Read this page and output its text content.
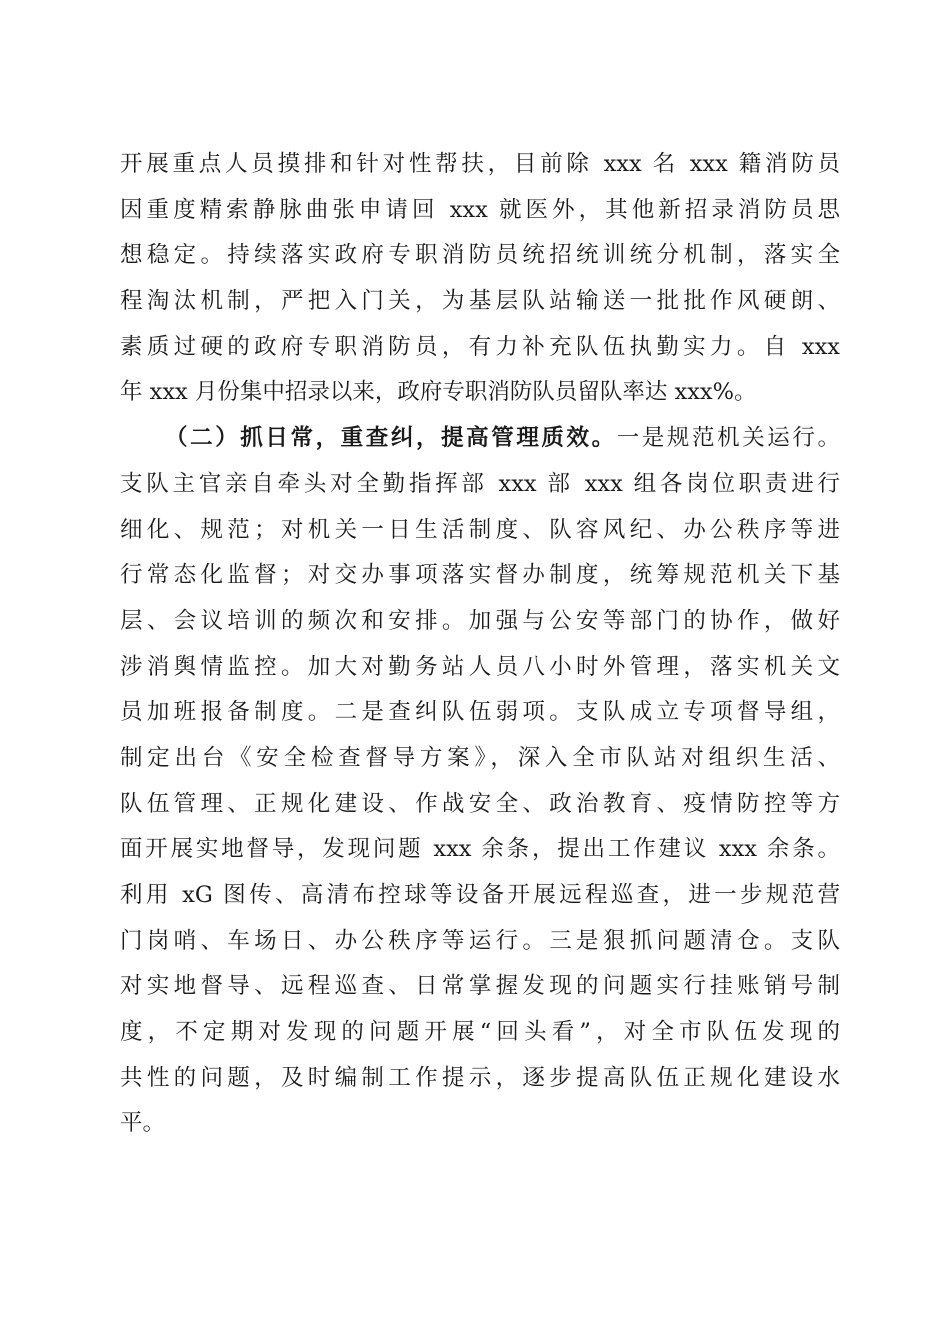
开展重点人员摸排和针对性帮扶，目前除 xxx 名 xxx 籍消防员
因重度精索静脉曲张申请回 xxx 就医外，其他新招录消防员思
想稳定。持续落实政府专职消防员统招统训统分机制，落实全
程淘汰机制，严把入门关，为基层队站输送一批批作风硬朗、
素质过硬的政府专职消防员，有力补充队伍执勤实力。自 xxx
年 xxx 月份集中招录以来，政府专职消防队员留队率达 xxx%。
（二）抓日常，重查纠，提高管理质效。一是规范机关运行。
支队主官亲自牵头对全勤指挥部 xxx 部 xxx 组各岗位职责进行
细化、规范；对机关一日生活制度、队容风纪、办公秩序等进
行常态化监督；对交办事项落实督办制度，统筹规范机关下基
层、会议培训的频次和安排。加强与公安等部门的协作，做好
涉消舆情监控。加大对勤务站人员八小时外管理，落实机关文
员加班报备制度。二是查纠队伍弱项。支队成立专项督导组，
制定出台《安全检查督导方案》，深入全市队站对组织生活、
队伍管理、正规化建设、作战安全、政治教育、疫情防控等方
面开展实地督导，发现问题 xxx 余条，提出工作建议 xxx 余条。
利用 xG 图传、高清布控球等设备开展远程巡查，进一步规范营
门岗哨、车场日、办公秩序等运行。三是狠抓问题清仓。支队
对实地督导、远程巡查、日常掌握发现的问题实行挂账销号制
度，不定期对发现的问题开展“回头看”，对全市队伍发现的
共性的问题，及时编制工作提示，逐步提高队伍正规化建设水
平。
